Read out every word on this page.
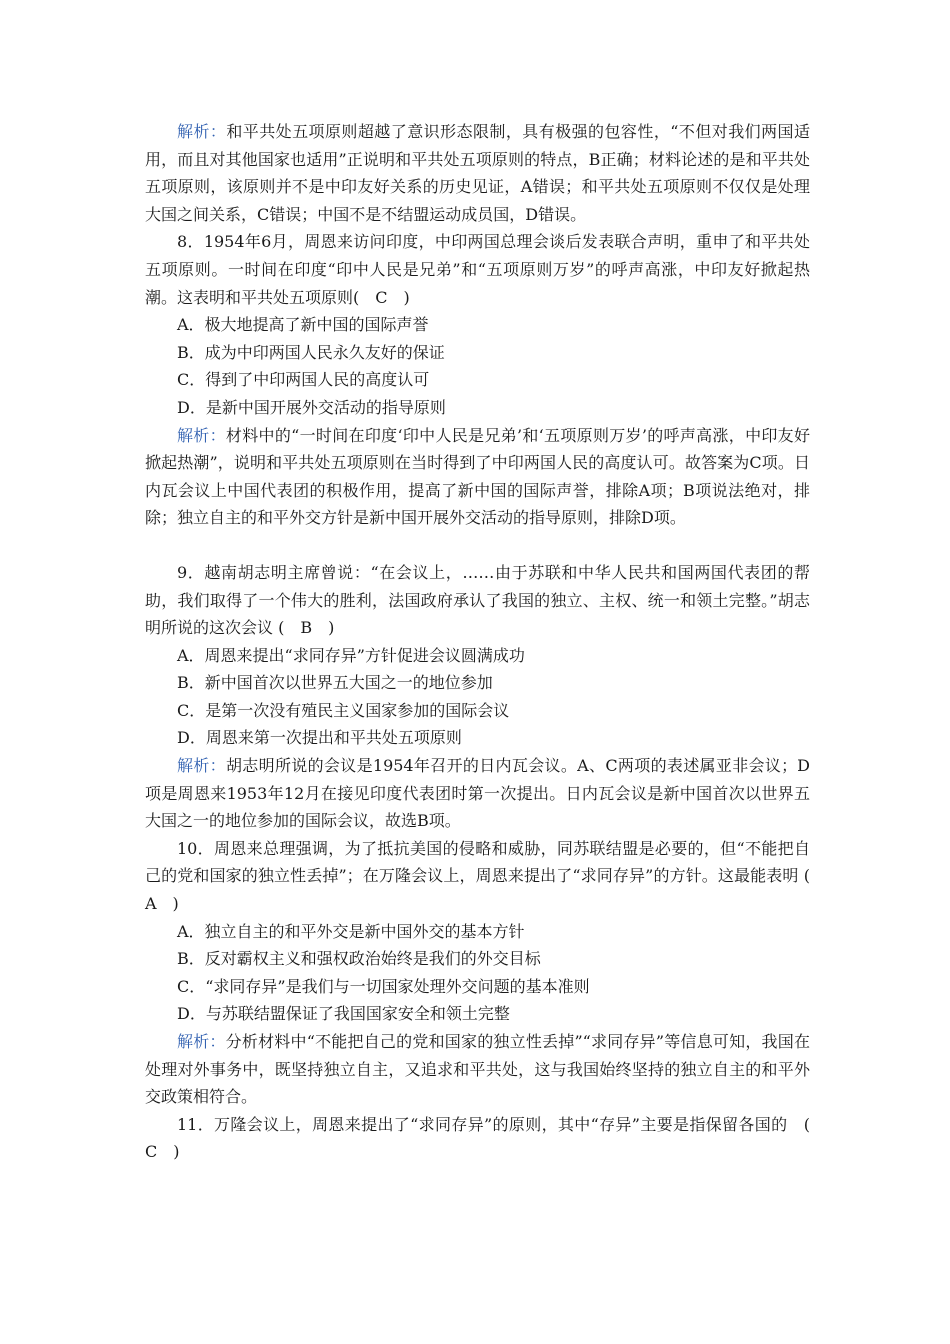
解析：和平共处五项原则超越了意识形态限制，具有极强的包容性，“不但对我们两国适用，而且对其他国家也适用”正说明和平共处五项原则的特点，B正确；材料论述的是和平共处五项原则，该原则并不是中印友好关系的历史见证，A错误；和平共处五项原则不仅仅是处理大国之间关系，C错误；中国不是不结盟运动成员国，D错误。

8．1954年6月，周恩来访问印度，中印两国总理会谈后发表联合声明，重申了和平共处五项原则。一时间在印度“印中人民是兄弟”和“五项原则万岁”的呼声高涨，中印友好掀起热潮。这表明和平共处五项原则(　C　)

A．极大地提高了新中国的国际声誉

B．成为中印两国人民永久友好的保证

C．得到了中印两国人民的高度认可

D．是新中国开展外交活动的指导原则

解析：材料中的“一时间在印度‘印中人民是兄弟’和‘五项原则万岁’的呼声高涨，中印友好掀起热潮”，说明和平共处五项原则在当时得到了中印两国人民的高度认可。故答案为C项。日内瓦会议上中国代表团的积极作用，提高了新中国的国际声誉，排除A项；B项说法绝对，排除；独立自主的和平外交方针是新中国开展外交活动的指导原则，排除D项。

9．越南胡志明主席曾说：“在会议上，……由于苏联和中华人民共和国两国代表团的帮助，我们取得了一个伟大的胜利，法国政府承认了我国的独立、主权、统一和领土完整。”胡志明所说的这次会议 (　B　)

A．周恩来提出“求同存异”方针促进会议圆满成功

B．新中国首次以世界五大国之一的地位参加

C．是第一次没有殖民主义国家参加的国际会议

D．周恩来第一次提出和平共处五项原则

解析：胡志明所说的会议是1954年召开的日内瓦会议。A、C两项的表述属亚非会议；D项是周恩来1953年12月在接见印度代表团时第一次提出。日内瓦会议是新中国首次以世界五大国之一的地位参加的国际会议，故选B项。

10．周恩来总理强调，为了抵抗美国的侵略和威胁，同苏联结盟是必要的，但“不能把自己的党和国家的独立性丢掉”；在万隆会议上，周恩来提出了“求同存异”的方针。这最能表明 (　A　)

A．独立自主的和平外交是新中国外交的基本方针

B．反对霸权主义和强权政治始终是我们的外交目标

C．“求同存异”是我们与一切国家处理外交问题的基本准则

D．与苏联结盟保证了我国国家安全和领土完整

解析：分析材料中“不能把自己的党和国家的独立性丢掉”“求同存异”等信息可知，我国在处理对外事务中，既坚持独立自主，又追求和平共处，这与我国始终坚持的独立自主的和平外交政策相符合。

11．万隆会议上，周恩来提出了“求同存异”的原则，其中“存异”主要是指保留各国的　(　C　)
